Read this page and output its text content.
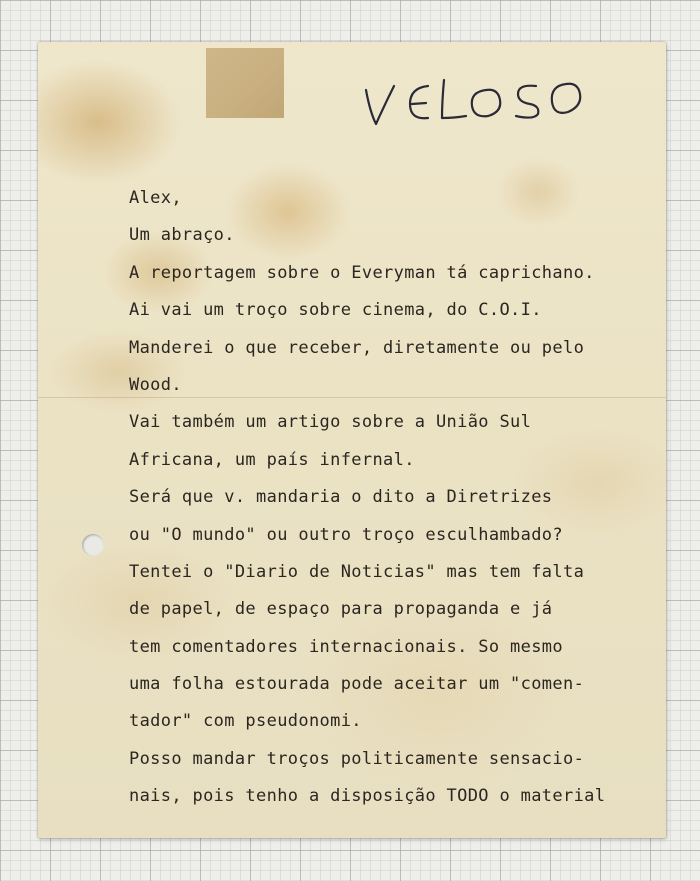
Alex,
Um abraço.
A reportagem sobre o Everyman tá caprichano.
Ai vai um troço sobre cinema, do C.O.I.
Manderei o que receber, diretamente ou pelo
Wood.
Vai também um artigo sobre a União Sul
Africana, um país infernal.
Será que v. mandaria o dito a Diretrizes
ou "O mundo" ou outro troço esculhambado?
Tentei o "Diario de Noticias" mas tem falta
de papel, de espaço para propaganda e já
tem comentadores internacionais. So mesmo
uma folha estourada pode aceitar um "comen-
tador" com pseudonomi.
Posso mandar troços politicamente sensacio-
nais, pois tenho a disposição TODO o material
